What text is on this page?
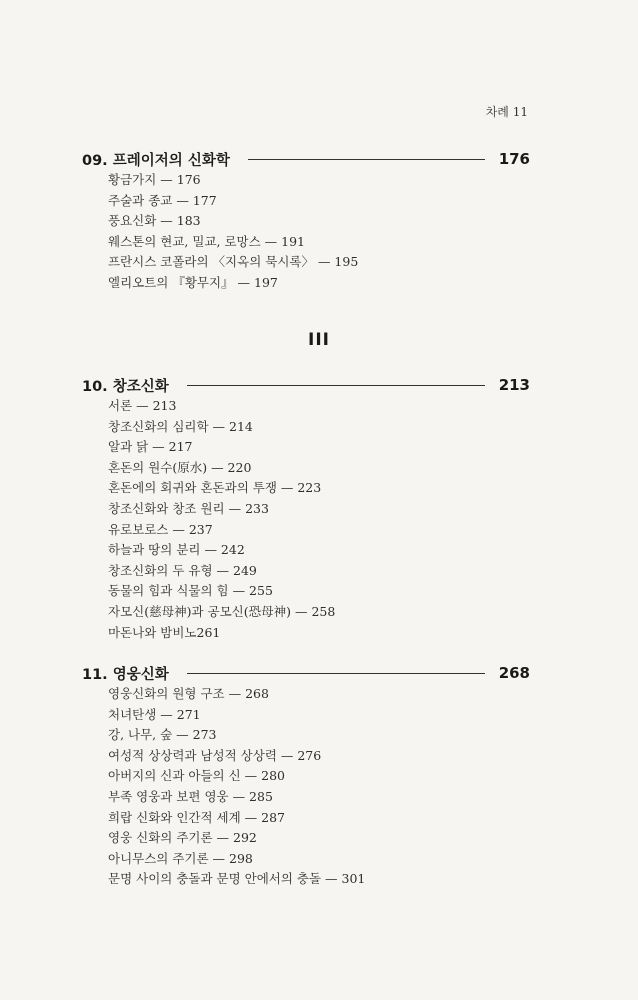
차례 11
09. 프레이저의 신화학	176
황금가지 — 176
주술과 종교 — 177
풍요신화 — 183
웨스톤의 현교, 밀교, 로망스 — 191
프란시스 코폴라의 〈지옥의 묵시록〉 — 195
엘리오트의 『황무지』 — 197
III
10. 창조신화	213
서론 — 213
창조신화의 심리학 — 214
알과 닭 — 217
혼돈의 원수(原水) — 220
혼돈에의 회귀와 혼돈과의 투쟁 — 223
창조신화와 창조 원리 — 233
유로보로스 — 237
하늘과 땅의 분리 — 242
창조신화의 두 유형 — 249
동물의 힘과 식물의 힘 — 255
자모신(慈母神)과 공모신(恐母神) — 258
마돈나와 밤비노261
11. 영웅신화	268
영웅신화의 원형 구조 — 268
처녀탄생 — 271
강, 나무, 숲 — 273
여성적 상상력과 남성적 상상력 — 276
아버지의 신과 아들의 신 — 280
부족 영웅과 보편 영웅 — 285
희랍 신화와 인간적 세계 — 287
영웅 신화의 주기론 — 292
아니무스의 주기론 — 298
문명 사이의 충돌과 문명 안에서의 충돌 — 301
